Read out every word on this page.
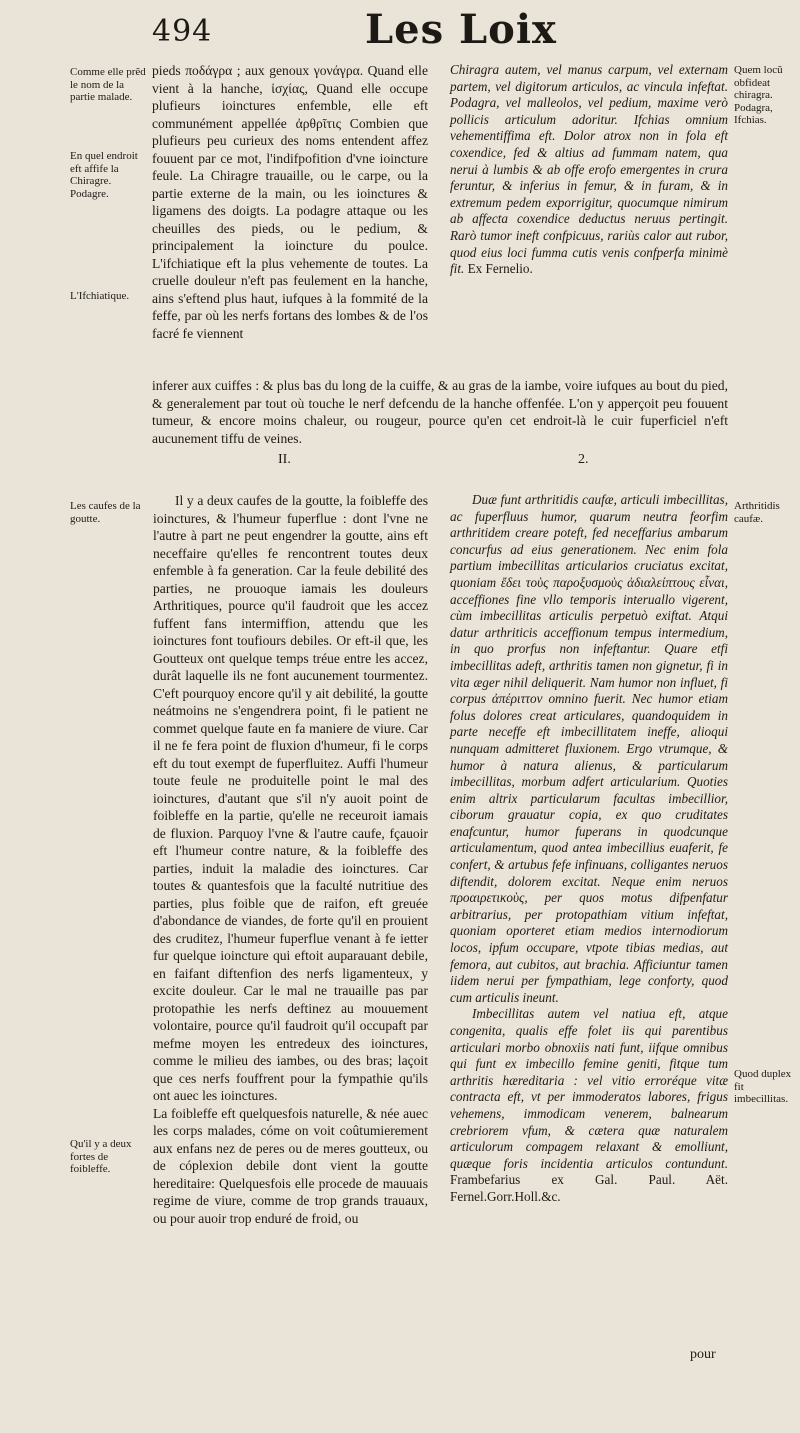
494	Les Loix
Comme elle prẽd le nom de la partie malade.
En quel endroit eft affife la Chiragre. Podagre.
L'Ifchiatique.
Quem locũ obfideat chiragra. Podagra, Ifchias.
Les caufes de la goutte.
Arthritidis caufæ.
Quod duplex fit imbecillitas.
Qu'il y a deux fortes de foibleffe.

pieds ποδάγρα ; aux genoux γονάγρα. Quand elle vient à la hanche, ἰσχίας, Quand elle occupe plufieurs ioinctures enfemble, elle eft communément appellée ἀρθρῖτις Combien que plufieurs peu curieux des noms entendent affez fouuent par ce mot, l'indifpofition d'vne ioincture feule. La Chiragre trauaille, ou le carpe, ou la partie externe de la main, ou les ioinctures & ligamens des doigts. La podagre attaque ou les cheuilles des pieds, ou le pedium, & principalement la ioincture du poulce. L'ifchiatique eft la plus vehemente de toutes. La cruelle douleur n'eft pas feulement en la hanche, ains s'eftend plus haut, iufques à la fommité de la feffe, par où les nerfs fortans des lombes & de l'os facré fe viennent

Chiragra autem, vel manus carpum, vel externam partem, vel digitorum articulos, ac vincula infeftat. Podagra, vel malleolos, vel pedium, maxime verò pollicis articulum adoritur. Ifchias omnium vehementiffima eft. Dolor atrox non in fola eft coxendice, fed & altius ad fummam natem, qua nerui à lumbis & ab offe erofo emergentes in crura feruntur, & inferius in femur, & in furam, & in extremum pedem exporrigitur, quocumque nimirum ab affecta coxendice deductus neruus pertingit. Rarò tumor ineft confpicuus, rariùs calor aut rubor, quod eius loci fumma cutis venis confperfa minimè fit. Ex Fernelio.

inferer aux cuiffes : & plus bas du long de la cuiffe, & au gras de la iambe, voire iufques au bout du pied, & generalement par tout où touche le nerf defcendu de la hanche offenfée. L'on y apperçoit peu fouuent tumeur, & encore moins chaleur, ou rougeur, pource qu'en cet endroit-là le cuir fuperficiel n'eft aucunement tiffu de veines.

II.	2.

Il y a deux caufes de la goutte, la foibleffe des ioinctures, & l'humeur fuperflue : dont l'vne ne l'autre à part ne peut engendrer la goutte, ains eft neceffaire qu'elles fe rencontrent toutes deux enfemble à fa generation. Car la feule debilité des parties, ne prouoque iamais les douleurs Arthritiques, pource qu'il faudroit que les accez fuffent fans intermiffion, attendu que les ioinctures font toufiours debiles. Or eft-il que, les Goutteux ont quelque temps tréue entre les accez, durât laquelle ils ne font aucunement tourmentez. C'eft pourquoy encore qu'il y ait debilité, la goutte neátmoins ne s'engendrera point, fi le patient ne commet quelque faute en fa maniere de viure. Car il ne fe fera point de fluxion d'humeur, fi le corps eft du tout exempt de fuperfluitez. Auffi l'humeur toute feule ne produitelle point le mal des ioinctures, d'autant que s'il n'y auoit point de foibleffe en la partie, qu'elle ne receuroit iamais de fluxion. Parquoy l'vne & l'autre caufe, fçauoir eft l'humeur contre nature, & la foibleffe des parties, induit la maladie des ioinctures. Car toutes & quantesfois que la faculté nutritiue des parties, plus foible que de raifon, eft greuée d'abondance de viandes, de forte qu'il en prouient des cruditez, l'humeur fuperflue venant à fe ietter fur quelque ioincture qui eftoit auparauant debile, en faifant diftenfion des nerfs ligamenteux, y excite douleur. Car le mal ne trauaille pas par protopathie les nerfs deftinez au mouuement volontaire, pource qu'il faudroit qu'il occupaft par mefme moyen les entredeux des ioinctures, comme le milieu des iambes, ou des bras; laçoit que ces nerfs fouffrent pour la fympathie qu'ils ont auec les ioinctures.

La foibleffe eft quelquesfois naturelle, & née auec les corps malades, cóme on voit coûtumierement aux enfans nez de peres ou de meres goutteux, ou de cóplexion debile dont vient la goutte hereditaire: Quelquesfois elle procede de mauuais regime de viure, comme de trop grands trauaux, ou pour auoir trop enduré de froid, ou

Duæ funt arthritidis caufæ, articuli imbecillitas, ac fuperfluus humor, quarum neutra feorfim arthritidem creare poteft, fed neceffarius ambarum concurfus ad eius generationem. Nec enim fola partium imbecillitas articularios cruciatus excitat, quoniam ἔδει τοὺς παροξυσμοὺς ἀδιαλείπτους εἶναι, acceffiones fine vllo temporis interuallo vigerent, cùm imbecillitas articulis perpetuò exiftat. Atqui datur arthriticis acceffionum tempus intermedium, in quo prorfus non infeftantur. Quare etfi imbecillitas adeft, arthritis tamen non gignetur, fi in vita æger nihil deliquerit. Nam humor non influet, fi corpus ἀπέριττον omnino fuerit. Nec humor etiam folus dolores creat articulares, quandoquidem in parte neceffe eft imbecillitatem ineffe, alioqui nunquam admitteret fluxionem. Ergo vtrumque, & humor à natura alienus, & particularum imbecillitas, morbum adfert articularium. Quoties enim altrix particularum facultas imbecillior, ciborum grauatur copia, ex quo cruditates enafcuntur, humor fuperans in quodcunque articulamentum, quod antea imbecillius euaferit, fe confert, & artubus fefe infinuans, colligantes neruos diftendit, dolorem excitat. Neque enim neruos προαιρετικοὺς, per quos motus difpenfatur arbitrarius, per protopathiam vitium infeftat, quoniam oporteret etiam medios internodiorum locos, ipfum occupare, vtpote tibias medias, aut femora, aut cubitos, aut brachia. Afficiuntur tamen iidem nerui per fympathiam, lege conforty, quod cum articulis ineunt.

Imbecillitas autem vel natiua eft, atque congenita, qualis effe folet iis qui parentibus articulari morbo obnoxiis nati funt, iifque omnibus qui funt ex imbecillo femine geniti, fitque tum arthritis hæreditaria : vel vitio erroréque vitæ contracta eft, vt per immoderatos labores, frigus vehemens, immodicam venerem, balnearum crebriorem vfum, & cætera quæ naturalem articulorum compagem relaxant & emolliunt, quæque foris incidentia articulos contundunt. Frambefarius ex Gal. Paul. Aët. Fernel.Gorr.Holl.&c.

pour
